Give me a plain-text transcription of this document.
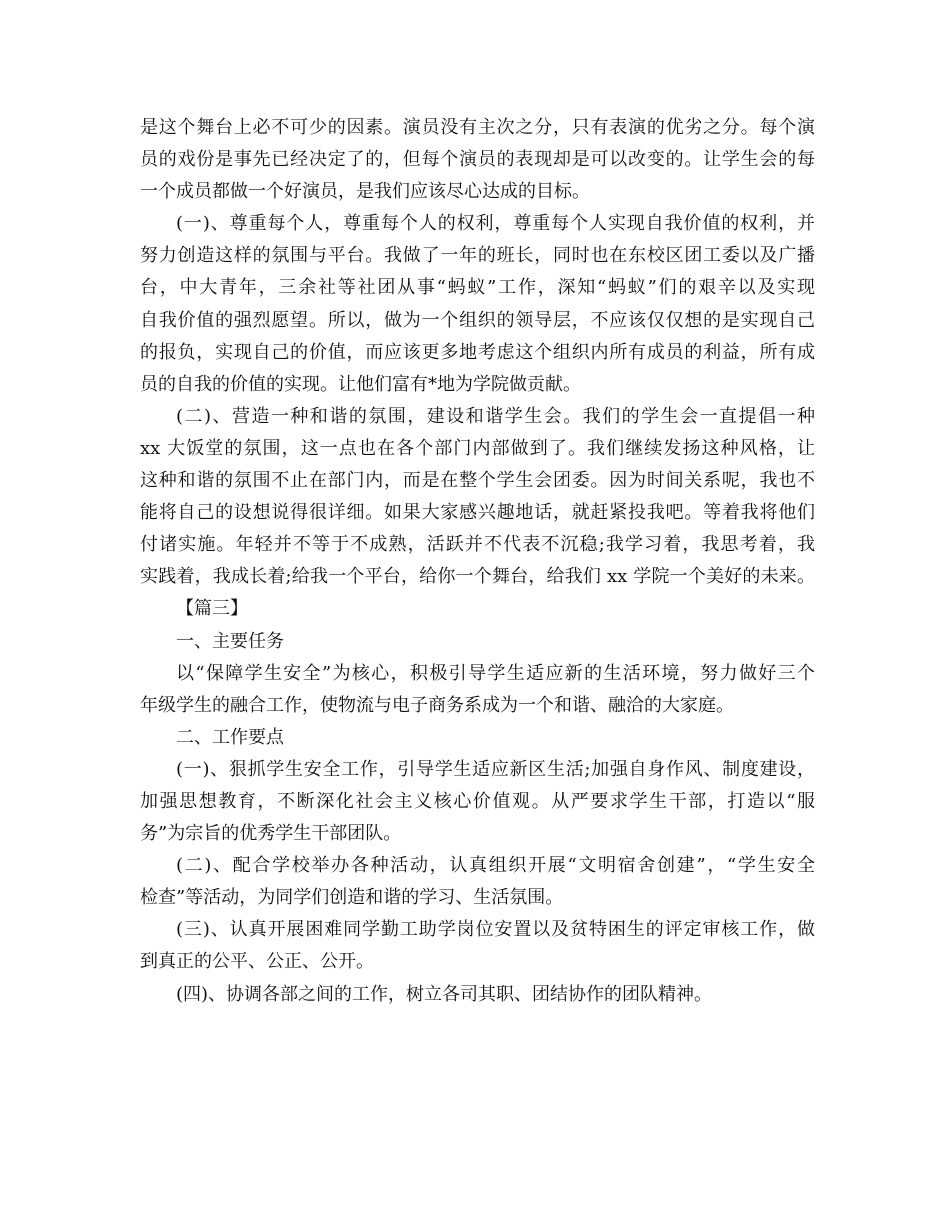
是这个舞台上必不可少的因素。演员没有主次之分，只有表演的优劣之分。每个演
员的戏份是事先已经决定了的，但每个演员的表现却是可以改变的。让学生会的每
一个成员都做一个好演员，是我们应该尽心达成的目标。
(一)、尊重每个人，尊重每个人的权利，尊重每个人实现自我价值的权利，并
努力创造这样的氛围与平台。我做了一年的班长，同时也在东校区团工委以及广播
台，中大青年，三余社等社团从事“蚂蚁”工作，深知“蚂蚁”们的艰辛以及实现
自我价值的强烈愿望。所以，做为一个组织的领导层，不应该仅仅想的是实现自己
的报负，实现自己的价值，而应该更多地考虑这个组织内所有成员的利益，所有成
员的自我的价值的实现。让他们富有*地为学院做贡献。
(二)、营造一种和谐的氛围，建设和谐学生会。我们的学生会一直提倡一种
xx 大饭堂的氛围，这一点也在各个部门内部做到了。我们继续发扬这种风格，让
这种和谐的氛围不止在部门内，而是在整个学生会团委。因为时间关系呢，我也不
能将自己的设想说得很详细。如果大家感兴趣地话，就赶紧投我吧。等着我将他们
付诸实施。年轻并不等于不成熟，活跃并不代表不沉稳;我学习着，我思考着，我
实践着，我成长着;给我一个平台，给你一个舞台，给我们 xx 学院一个美好的未来。
【篇三】
一、主要任务
以“保障学生安全”为核心，积极引导学生适应新的生活环境，努力做好三个
年级学生的融合工作，使物流与电子商务系成为一个和谐、融洽的大家庭。
二、工作要点
(一)、狠抓学生安全工作，引导学生适应新区生活;加强自身作风、制度建设，
加强思想教育，不断深化社会主义核心价值观。从严要求学生干部，打造以“服
务”为宗旨的优秀学生干部团队。
(二)、配合学校举办各种活动，认真组织开展“文明宿舍创建”，“学生安全
检查”等活动，为同学们创造和谐的学习、生活氛围。
(三)、认真开展困难同学勤工助学岗位安置以及贫特困生的评定审核工作，做
到真正的公平、公正、公开。
(四)、协调各部之间的工作，树立各司其职、团结协作的团队精神。
